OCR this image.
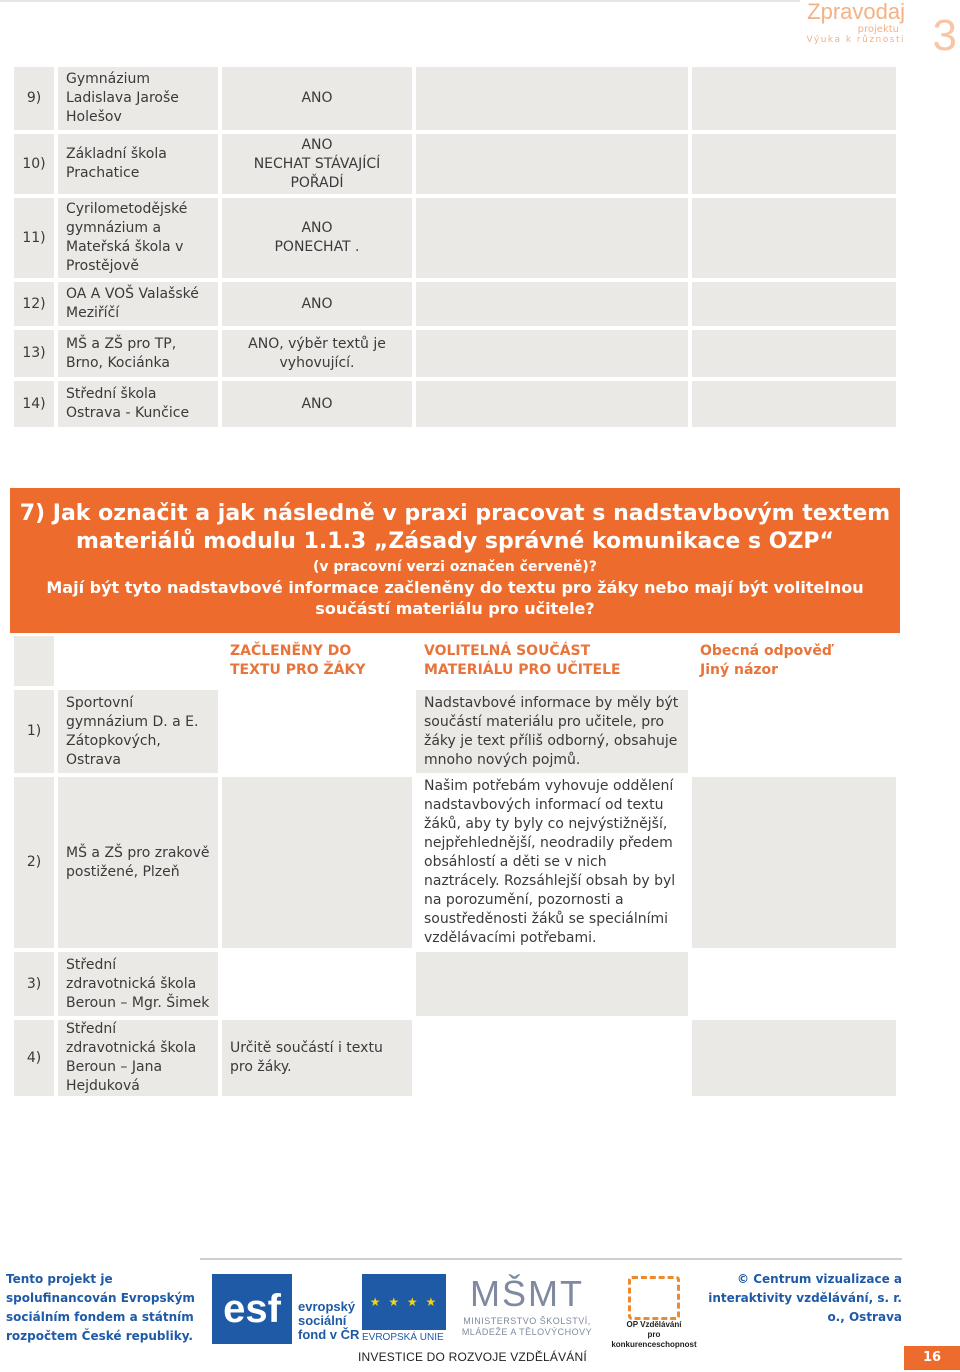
Zpravodaj
projektu
Výuka k různosti 3
9)	Gymnázium Ladislava Jaroše Holešov	ANO		
10)	Základní škola Prachatice	ANO
NECHAT STÁVAJÍCÍ POŘADÍ		
11)	Cyrilometodějské gymnázium a Mateřská škola v Prostějově	ANO
PONECHAT .		
12)	OA A VOŠ Valašské Meziříčí	ANO		
13)	MŠ a ZŠ pro TP, Brno, Kociánka	ANO, výběr textů je vyhovující.		
14)	Střední škola Ostrava - Kunčice	ANO		
7) Jak označit a jak následně v praxi pracovat s nadstavbovým textem materiálů modulu 1.1.3 „Zásady správné komunikace s OZP“
(v pracovní verzi označen červeně)?
Mají být tyto nadstavbové informace začleněny do textu pro žáky nebo mají být volitelnou součástí materiálu pro učitele?
		ZAČLENĚNY DO TEXTU PRO ŽÁKY	VOLITELNÁ SOUČÁST MATERIÁLU PRO UČITELE	Obecná odpověď
Jiný názor
1)	Sportovní gymnázium D. a E. Zátopkových, Ostrava		Nadstavbové informace by měly být součástí materiálu pro učitele, pro žáky je text příliš odborný, obsahuje mnoho nových pojmů.	
2)	MŠ a ZŠ pro zrakově postižené, Plzeň		Našim potřebám vyhovuje oddělení nadstavbových informací od textu žáků, aby ty byly co nejvýstižnější, nejpřehlednější, neodradily předem obsáhlostí a děti se v nich naztrácely. Rozsáhlejší obsah by byl na porozumění, pozornosti a soustředěnosti žáků se speciálními vzdělávacími potřebami.	
3)	Střední zdravotnická škola Beroun – Mgr. Šimek			
4)	Střední zdravotnická škola Beroun – Jana Hejduková	Určitě součástí i textu pro žáky.		
Tento projekt je spolufinancován Evropským sociálním fondem a státním rozpočtem České republiky.
esf	evropský
sociální
fond v ČR
★ ★ ★ ★
EVROPSKÁ UNIE
MŠMT
MINISTERSTVO ŠKOLSTVÍ,
MLÁDEŽE A TĚLOVÝCHOVY
OP Vzdělávání
pro konkurenceschopnost
INVESTICE DO ROZVOJE VZDĚLÁVÁNÍ
© Centrum vizualizace a interaktivity vzdělávání, s. r. o., Ostrava
16
